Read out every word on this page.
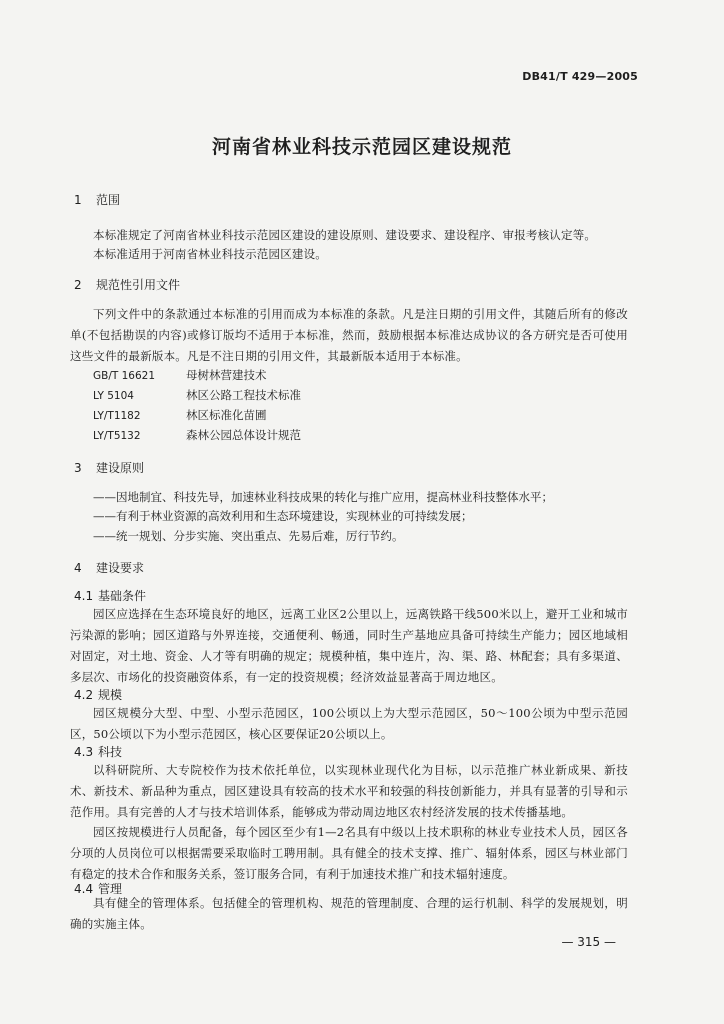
DB41/T 429—2005
河南省林业科技示范园区建设规范
1 范围
本标准规定了河南省林业科技示范园区建设的建设原则、建设要求、建设程序、审报考核认定等。
本标准适用于河南省林业科技示范园区建设。
2 规范性引用文件
下列文件中的条款通过本标准的引用而成为本标准的条款。凡是注日期的引用文件，其随后所有的修改单(不包括勘误的内容)或修订版均不适用于本标准，然而，鼓励根据本标准达成协议的各方研究是否可使用这些文件的最新版本。凡是不注日期的引用文件，其最新版本适用于本标准。
GB/T 16621	母树林营建技术
LY 5104	林区公路工程技术标准
LY/T1182	林区标准化苗圃
LY/T5132	森林公园总体设计规范
3 建设原则
——因地制宜、科技先导，加速林业科技成果的转化与推广应用，提高林业科技整体水平；
——有利于林业资源的高效利用和生态环境建设，实现林业的可持续发展；
——统一规划、分步实施、突出重点、先易后难，厉行节约。
4 建设要求
4.1 基础条件
园区应选择在生态环境良好的地区，远离工业区2公里以上，远离铁路干线500米以上，避开工业和城市污染源的影响；园区道路与外界连接，交通便利、畅通，同时生产基地应具备可持续生产能力；园区地域相对固定，对土地、资金、人才等有明确的规定；规模种植，集中连片，沟、渠、路、林配套；具有多渠道、多层次、市场化的投资融资体系，有一定的投资规模；经济效益显著高于周边地区。
4.2 规模
园区规模分大型、中型、小型示范园区，100公顷以上为大型示范园区，50～100公顷为中型示范园区，50公顷以下为小型示范园区，核心区要保证20公顷以上。
4.3 科技
以科研院所、大专院校作为技术依托单位，以实现林业现代化为目标，以示范推广林业新成果、新技术、新技术、新品种为重点，园区建设具有较高的技术水平和较强的科技创新能力，并具有显著的引导和示范作用。具有完善的人才与技术培训体系，能够成为带动周边地区农村经济发展的技术传播基地。
园区按规模进行人员配备，每个园区至少有1—2名具有中级以上技术职称的林业专业技术人员，园区各分项的人员岗位可以根据需要采取临时工聘用制。具有健全的技术支撑、推广、辐射体系，园区与林业部门有稳定的技术合作和服务关系，签订服务合同，有利于加速技术推广和技术辐射速度。
4.4 管理
具有健全的管理体系。包括健全的管理机构、规范的管理制度、合理的运行机制、科学的发展规划，明确的实施主体。
— 315 —
